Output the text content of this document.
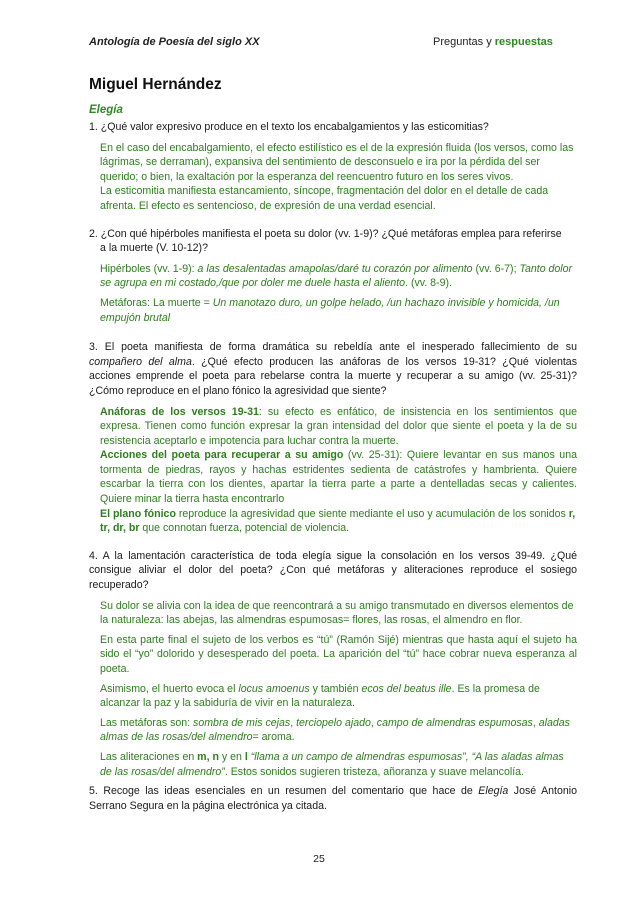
Antología de Poesía del siglo XX	Preguntas y respuestas
Miguel Hernández
Elegía
1. ¿Qué valor expresivo produce en el texto los encabalgamientos y las esticomitias?
En el caso del encabalgamiento, el efecto estilístico es el de la expresión fluida (los versos, como las lágrimas, se derraman), expansiva del sentimiento de desconsuelo e ira por la pérdida del ser querido; o bien, la exaltación por la esperanza del reencuentro futuro en los seres vivos.
La esticomitia manifiesta estancamiento, síncope, fragmentación del dolor en el detalle de cada afrenta. El efecto es sentencioso, de expresión de una verdad esencial.
2. ¿Con qué hipérboles manifiesta el poeta su dolor (vv. 1-9)? ¿Qué metáforas emplea para referirse
a la muerte (V. 10-12)?
Hipérboles (vv. 1-9): a las desalentadas amapolas/daré tu corazón por alimento (vv. 6-7); Tanto dolor se agrupa en mi costado,/que por doler me duele hasta el aliento. (vv. 8-9).
Metáforas: La muerte = Un manotazo duro, un golpe helado, /un hachazo invisible y homicida, /un empujón brutal
3. El poeta manifiesta de forma dramática su rebeldía ante el inesperado fallecimiento de su compañero del alma. ¿Qué efecto producen las anáforas de los versos 19-31? ¿Qué violentas acciones emprende el poeta para rebelarse contra la muerte y recuperar a su amigo (vv. 25-31)? ¿Cómo reproduce en el plano fónico la agresividad que siente?
Anáforas de los versos 19-31: su efecto es enfático, de insistencia en los sentimientos que expresa. Tienen como función expresar la gran intensidad del dolor que siente el poeta y la de su resistencia aceptarlo e impotencia para luchar contra la muerte.
Acciones del poeta para recuperar a su amigo (vv. 25-31): Quiere levantar en sus manos una tormenta de piedras, rayos y hachas estridentes sedienta de catástrofes y hambrienta. Quiere escarbar la tierra con los dientes, apartar la tierra parte a parte a dentelladas secas y calientes. Quiere minar la tierra hasta encontrarlo
El plano fónico reproduce la agresividad que siente mediante el uso y acumulación de los sonidos r, tr, dr, br que connotan fuerza, potencial de violencia.
4. A la lamentación característica de toda elegía sigue la consolación en los versos 39-49. ¿Qué consigue aliviar el dolor del poeta? ¿Con qué metáforas y aliteraciones reproduce el sosiego recuperado?
Su dolor se alivia con la idea de que reencontrará a su amigo transmutado en diversos elementos de la naturaleza: las abejas, las almendras espumosas= flores, las rosas, el almendro en flor.
En esta parte final el sujeto de los verbos es “tú” (Ramón Sijé) mientras que hasta aquí el sujeto ha sido el “yo” dolorido y desesperado del poeta. La aparición del “tú” hace cobrar nueva esperanza al poeta.
Asimismo, el huerto evoca el locus amoenus y también ecos del beatus ille. Es la promesa de alcanzar la paz y la sabiduría de vivir en la naturaleza.
Las metáforas son: sombra de mis cejas, terciopelo ajado, campo de almendras espumosas, aladas almas de las rosas/del almendro= aroma.
Las aliteraciones en m, n y en l “llama a un campo de almendras espumosas”, “A las aladas almas de las rosas/del almendro”. Estos sonidos sugieren tristeza, añoranza y suave melancolía.
5. Recoge las ideas esenciales en un resumen del comentario que hace de Elegía José Antonio Serrano Segura en la página electrónica ya citada.
25
